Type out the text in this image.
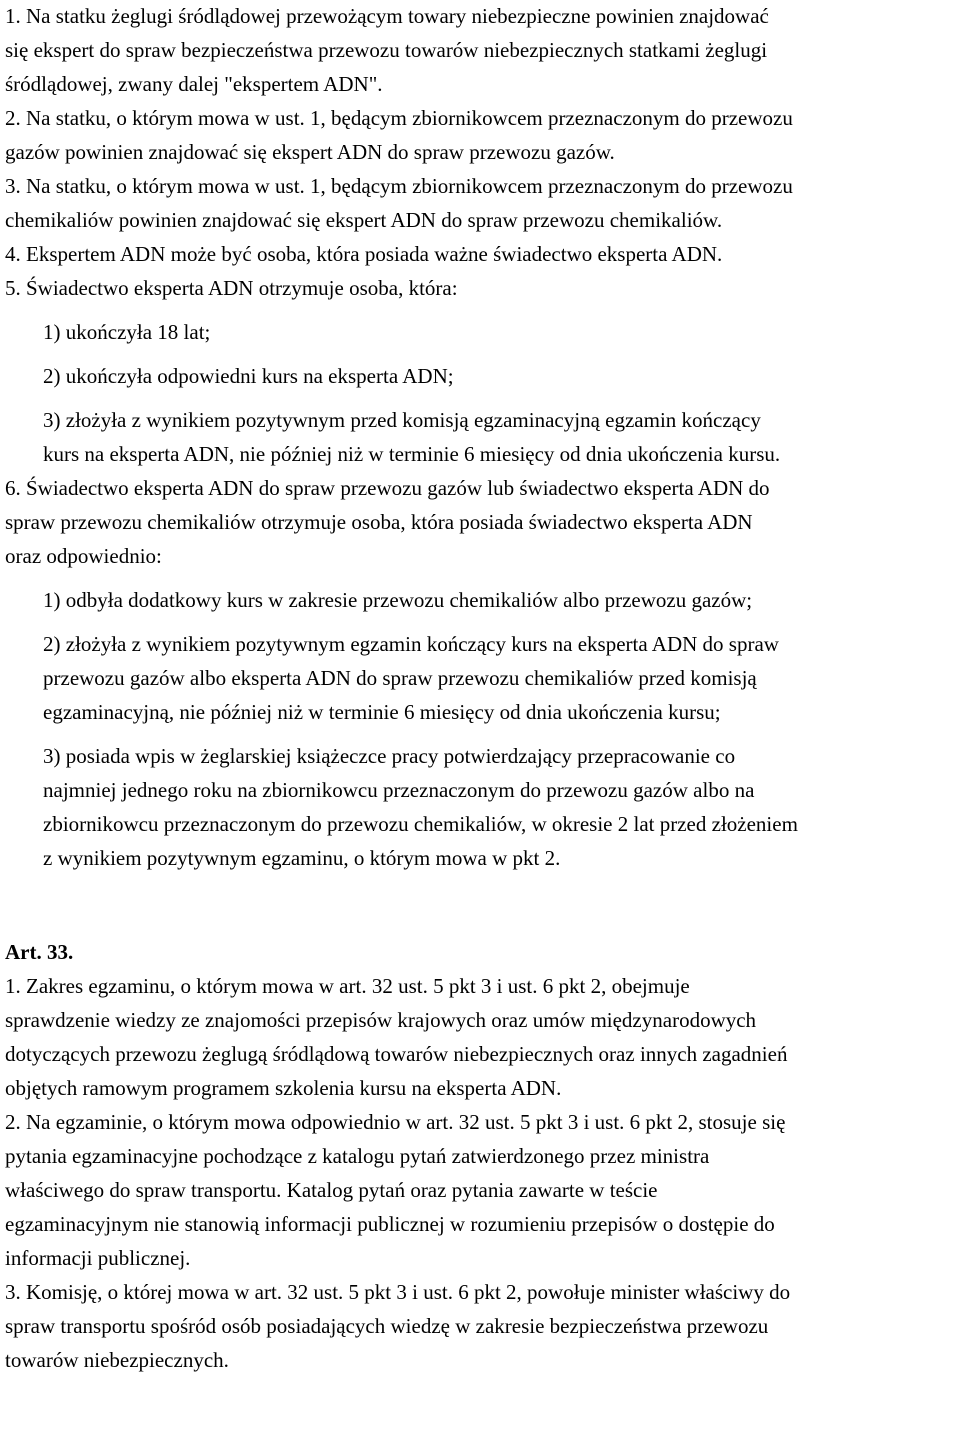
1. Na statku żeglugi śródlądowej przewożącym towary niebezpieczne powinien znajdować
się ekspert do spraw bezpieczeństwa przewozu towarów niebezpiecznych statkami żeglugi
śródlądowej, zwany dalej "ekspertem ADN".
2. Na statku, o którym mowa w ust. 1, będącym zbiornikowcem przeznaczonym do przewozu
gazów powinien znajdować się ekspert ADN do spraw przewozu gazów.
3. Na statku, o którym mowa w ust. 1, będącym zbiornikowcem przeznaczonym do przewozu
chemikaliów powinien znajdować się ekspert ADN do spraw przewozu chemikaliów.
4. Ekspertem ADN może być osoba, która posiada ważne świadectwo eksperta ADN.
5. Świadectwo eksperta ADN otrzymuje osoba, która:
1) ukończyła 18 lat;
2) ukończyła odpowiedni kurs na eksperta ADN;
3) złożyła z wynikiem pozytywnym przed komisją egzaminacyjną egzamin kończący
kurs na eksperta ADN, nie później niż w terminie 6 miesięcy od dnia ukończenia kursu.
6. Świadectwo eksperta ADN do spraw przewozu gazów lub świadectwo eksperta ADN do
spraw przewozu chemikaliów otrzymuje osoba, która posiada świadectwo eksperta ADN
oraz odpowiednio:
1) odbyła dodatkowy kurs w zakresie przewozu chemikaliów albo przewozu gazów;
2) złożyła z wynikiem pozytywnym egzamin kończący kurs na eksperta ADN do spraw
przewozu gazów albo eksperta ADN do spraw przewozu chemikaliów przed komisją
egzaminacyjną, nie później niż w terminie 6 miesięcy od dnia ukończenia kursu;
3) posiada wpis w żeglarskiej książeczce pracy potwierdzający przepracowanie co
najmniej jednego roku na zbiornikowcu przeznaczonym do przewozu gazów albo na
zbiornikowcu przeznaczonym do przewozu chemikaliów, w okresie 2 lat przed złożeniem
z wynikiem pozytywnym egzaminu, o którym mowa w pkt 2.
Art. 33.
1. Zakres egzaminu, o którym mowa w art. 32 ust. 5 pkt 3 i ust. 6 pkt 2, obejmuje
sprawdzenie wiedzy ze znajomości przepisów krajowych oraz umów międzynarodowych
dotyczących przewozu żeglugą śródlądową towarów niebezpiecznych oraz innych zagadnień
objętych ramowym programem szkolenia kursu na eksperta ADN.
2. Na egzaminie, o którym mowa odpowiednio w art. 32 ust. 5 pkt 3 i ust. 6 pkt 2, stosuje się
pytania egzaminacyjne pochodzące z katalogu pytań zatwierdzonego przez ministra
właściwego do spraw transportu. Katalog pytań oraz pytania zawarte w teście
egzaminacyjnym nie stanowią informacji publicznej w rozumieniu przepisów o dostępie do
informacji publicznej.
3. Komisję, o której mowa w art. 32 ust. 5 pkt 3 i ust. 6 pkt 2, powołuje minister właściwy do
spraw transportu spośród osób posiadających wiedzę w zakresie bezpieczeństwa przewozu
towarów niebezpiecznych.
